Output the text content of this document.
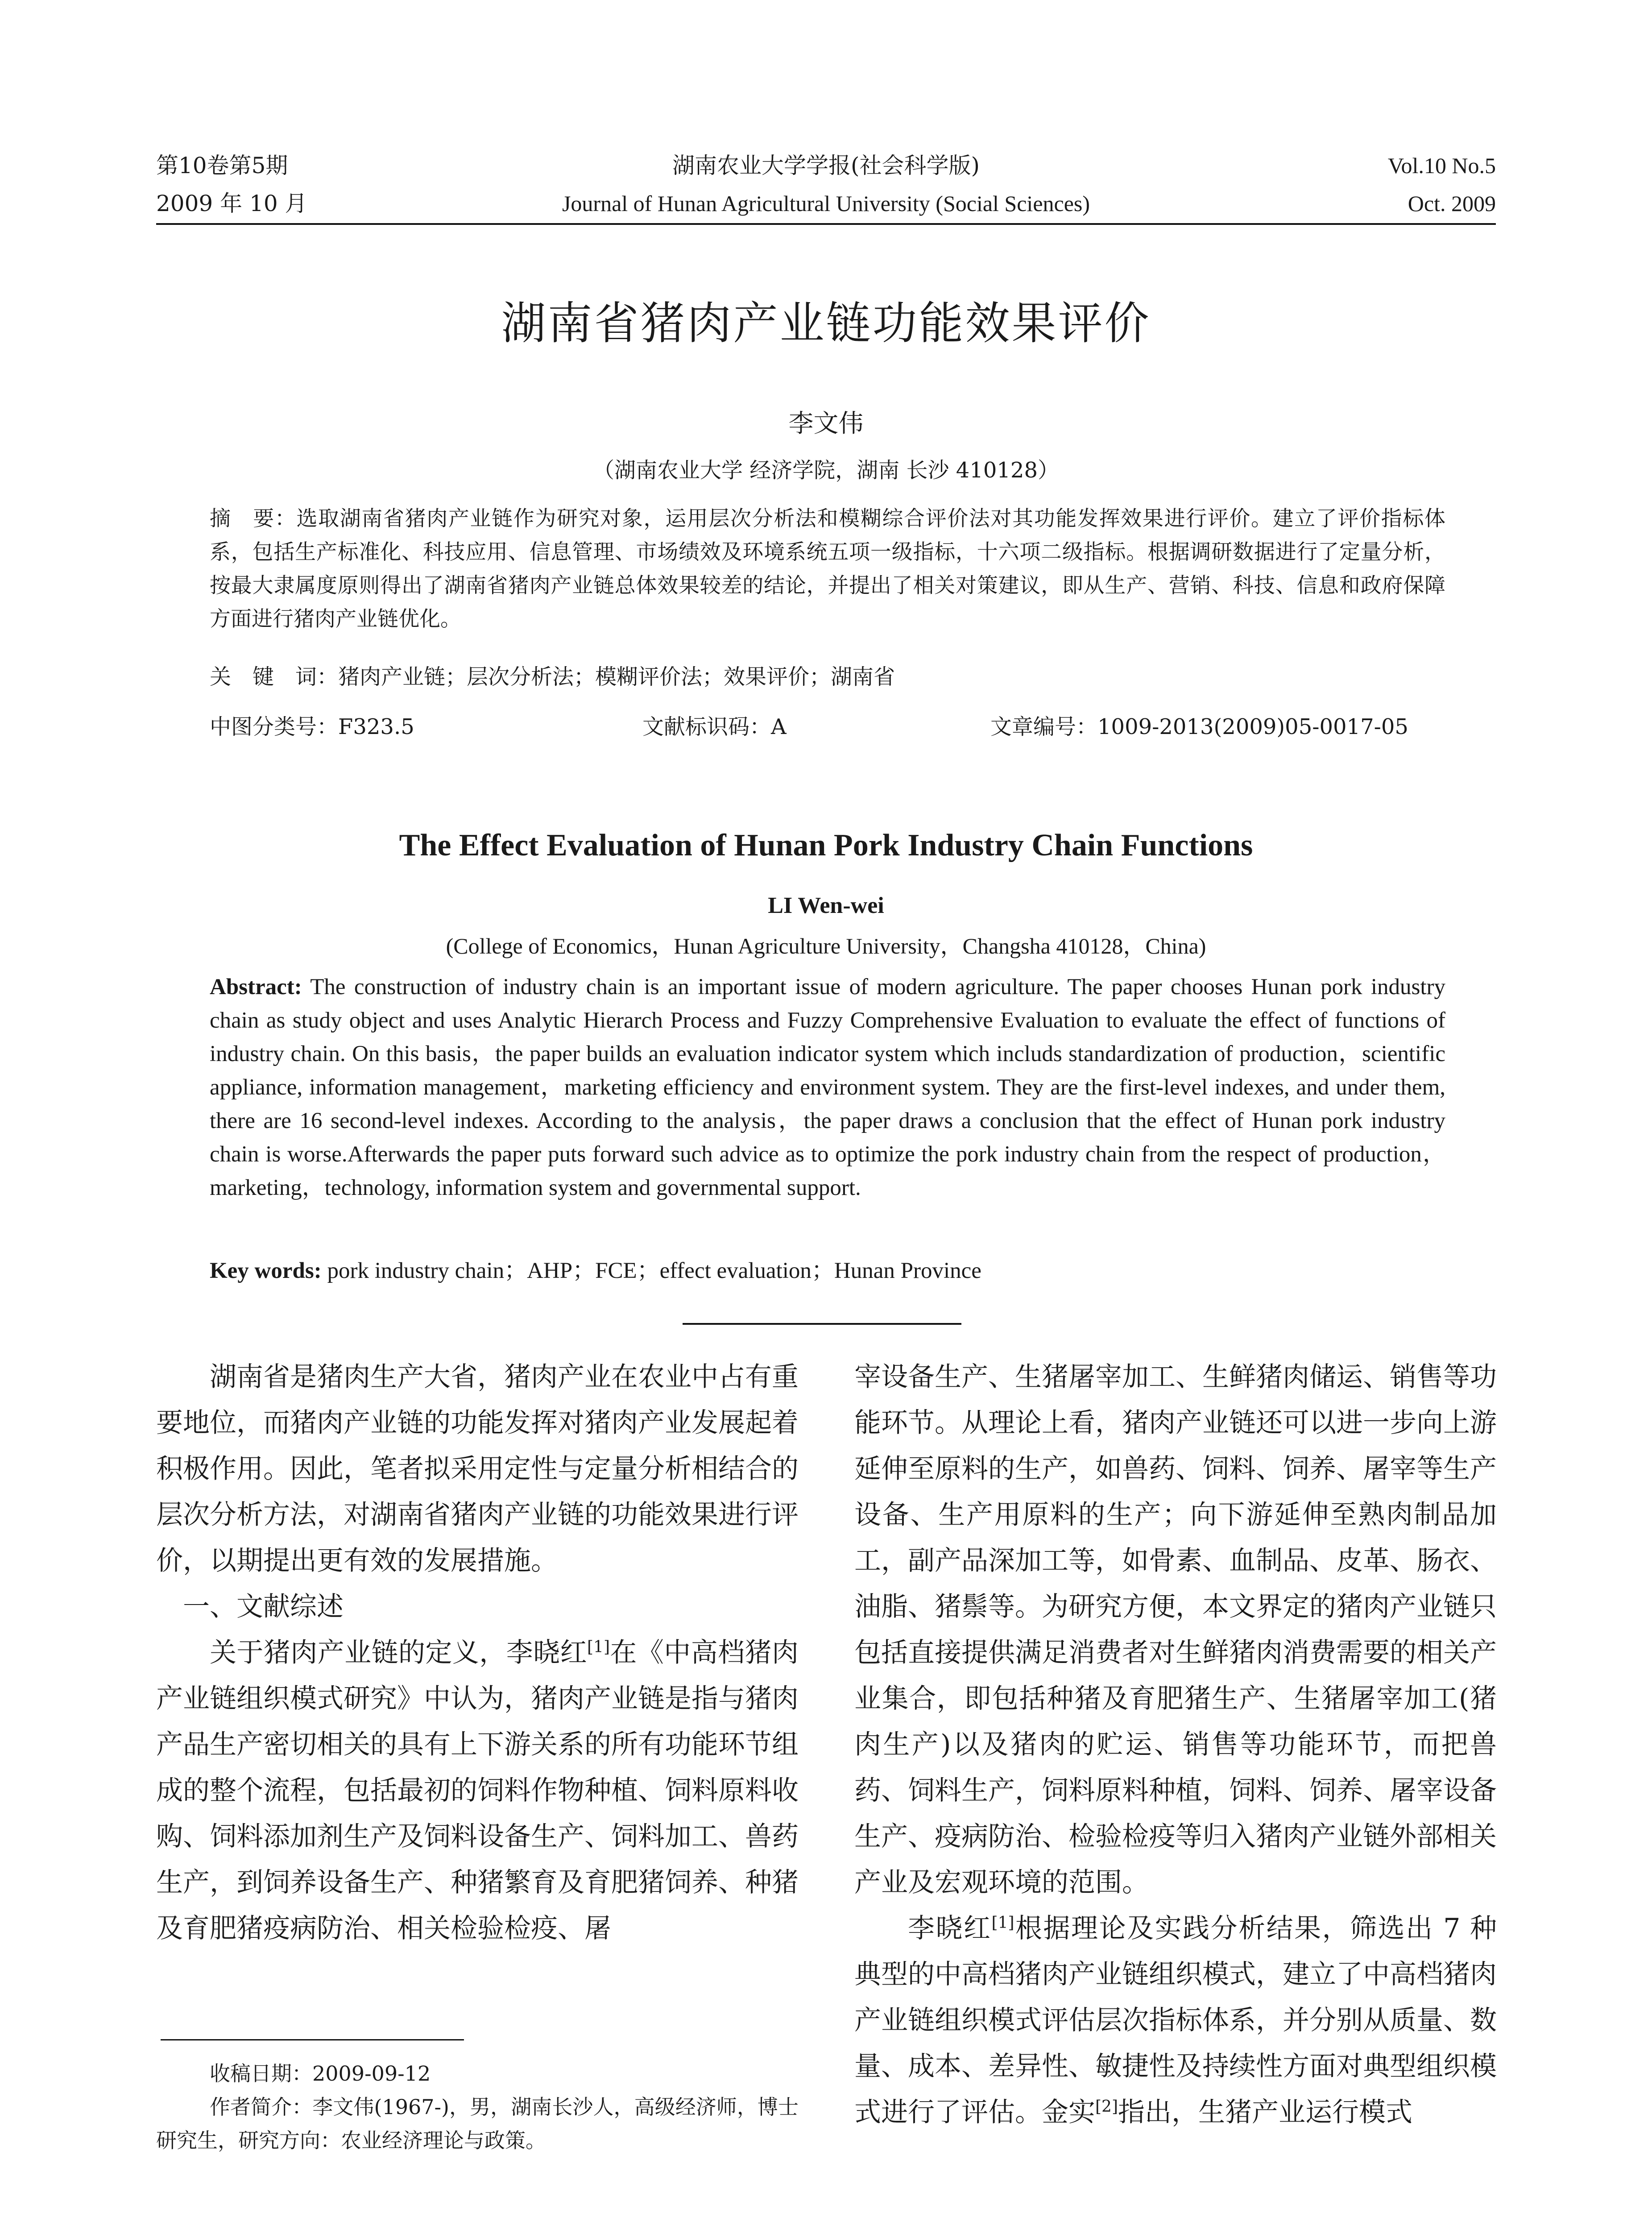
第10卷第5期
2009 年 10 月
湖南农业大学学报(社会科学版)
Journal of Hunan Agricultural University (Social Sciences)
Vol.10 No.5
Oct. 2009
湖南省猪肉产业链功能效果评价
李文伟
（湖南农业大学 经济学院，湖南 长沙 410128）
摘　要：选取湖南省猪肉产业链作为研究对象，运用层次分析法和模糊综合评价法对其功能发挥效果进行评价。建立了评价指标体系，包括生产标准化、科技应用、信息管理、市场绩效及环境系统五项一级指标，十六项二级指标。根据调研数据进行了定量分析，按最大隶属度原则得出了湖南省猪肉产业链总体效果较差的结论，并提出了相关对策建议，即从生产、营销、科技、信息和政府保障方面进行猪肉产业链优化。
关　键　词：猪肉产业链；层次分析法；模糊评价法；效果评价；湖南省
中图分类号：F323.5	文献标识码：A	文章编号：1009-2013(2009)05-0017-05
The Effect Evaluation of Hunan Pork Industry Chain Functions
LI Wen-wei
(College of Economics，Hunan Agriculture University，Changsha 410128，China)
Abstract: The construction of industry chain is an important issue of modern agriculture. The paper chooses Hunan pork industry chain as study object and uses Analytic Hierarch Process and Fuzzy Comprehensive Evaluation to evaluate the effect of functions of industry chain. On this basis，the paper builds an evaluation indicator system which includs standardization of production，scientific appliance, information management，marketing efficiency and environment system. They are the first-level indexes, and under them, there are 16 second-level indexes. According to the analysis，the paper draws a conclusion that the effect of Hunan pork industry chain is worse.Afterwards the paper puts forward such advice as to optimize the pork industry chain from the respect of production，marketing，technology, information system and governmental support.
Key words: pork industry chain；AHP；FCE；effect evaluation；Hunan Province

湖南省是猪肉生产大省，猪肉产业在农业中占有重要地位，而猪肉产业链的功能发挥对猪肉产业发展起着积极作用。因此，笔者拟采用定性与定量分析相结合的层次分析方法，对湖南省猪肉产业链的功能效果进行评价，以期提出更有效的发展措施。

一、文献综述

关于猪肉产业链的定义，李晓红[1]在《中高档猪肉产业链组织模式研究》中认为，猪肉产业链是指与猪肉产品生产密切相关的具有上下游关系的所有功能环节组成的整个流程，包括最初的饲料作物种植、饲料原料收购、饲料添加剂生产及饲料设备生产、饲料加工、兽药生产，到饲养设备生产、种猪繁育及育肥猪饲养、种猪及育肥猪疫病防治、相关检验检疫、屠

宰设备生产、生猪屠宰加工、生鲜猪肉储运、销售等功能环节。从理论上看，猪肉产业链还可以进一步向上游延伸至原料的生产，如兽药、饲料、饲养、屠宰等生产设备、生产用原料的生产；向下游延伸至熟肉制品加工，副产品深加工等，如骨素、血制品、皮革、肠衣、油脂、猪鬃等。为研究方便，本文界定的猪肉产业链只包括直接提供满足消费者对生鲜猪肉消费需要的相关产业集合，即包括种猪及育肥猪生产、生猪屠宰加工(猪肉生产)以及猪肉的贮运、销售等功能环节，而把兽药、饲料生产，饲料原料种植，饲料、饲养、屠宰设备生产、疫病防治、检验检疫等归入猪肉产业链外部相关产业及宏观环境的范围。

李晓红[1]根据理论及实践分析结果，筛选出 7 种典型的中高档猪肉产业链组织模式，建立了中高档猪肉产业链组织模式评估层次指标体系，并分别从质量、数量、成本、差异性、敏捷性及持续性方面对典型组织模式进行了评估。金实[2]指出，生猪产业运行模式

收稿日期：2009-09-12
作者简介：李文伟(1967-)，男，湖南长沙人，高级经济师，博士研究生，研究方向：农业经济理论与政策。
